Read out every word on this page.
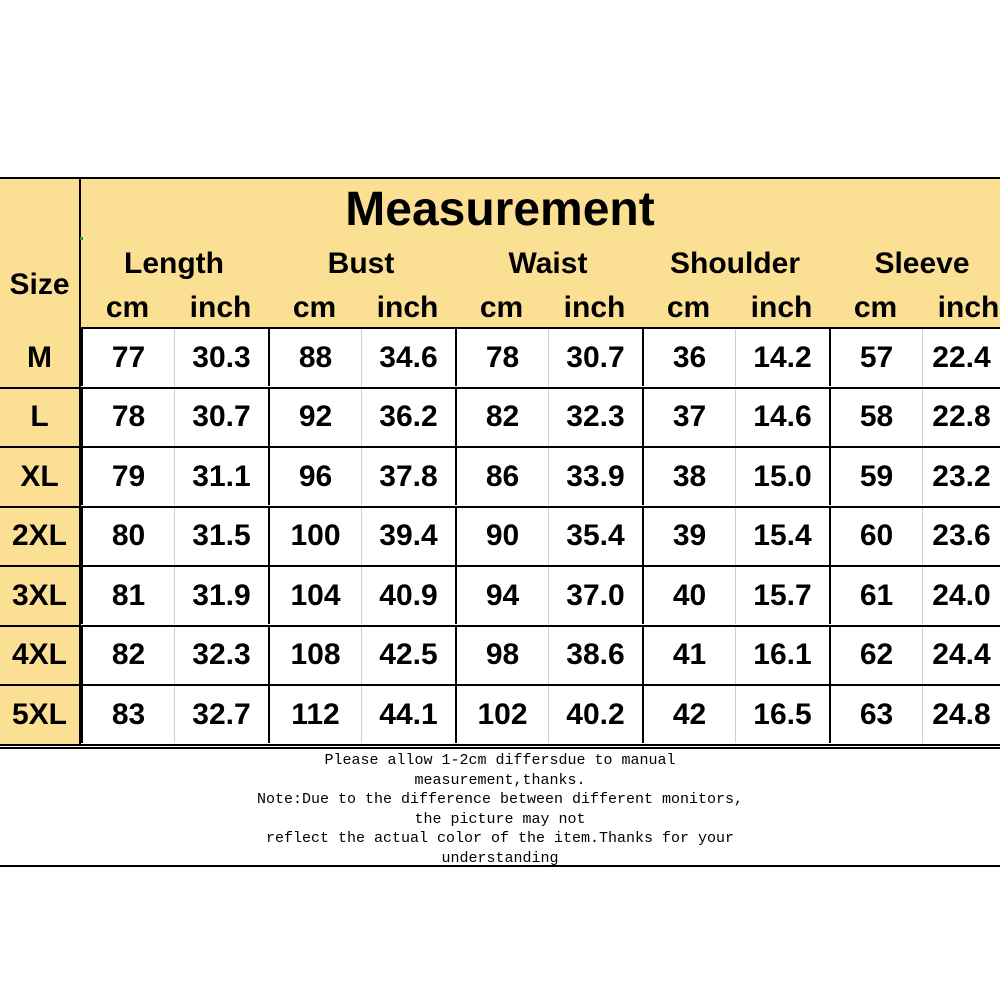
Measurement
Size
Length	Bust	Waist	Shoulder	Sleeve
cm	inch	cm	inch	cm	inch	cm	inch	cm	inch
M	77	30.3	88	34.6	78	30.7	36	14.2	57	22.4
L	78	30.7	92	36.2	82	32.3	37	14.6	58	22.8
XL	79	31.1	96	37.8	86	33.9	38	15.0	59	23.2
2XL	80	31.5	100	39.4	90	35.4	39	15.4	60	23.6
3XL	81	31.9	104	40.9	94	37.0	40	15.7	61	24.0
4XL	82	32.3	108	42.5	98	38.6	41	16.1	62	24.4
5XL	83	32.7	112	44.1	102	40.2	42	16.5	63	24.8
Please allow 1-2cm differsdue to manual
measurement,thanks.
Note:Due to the difference between different monitors,
the picture may not
reflect the actual color of the item.Thanks for your
understanding
